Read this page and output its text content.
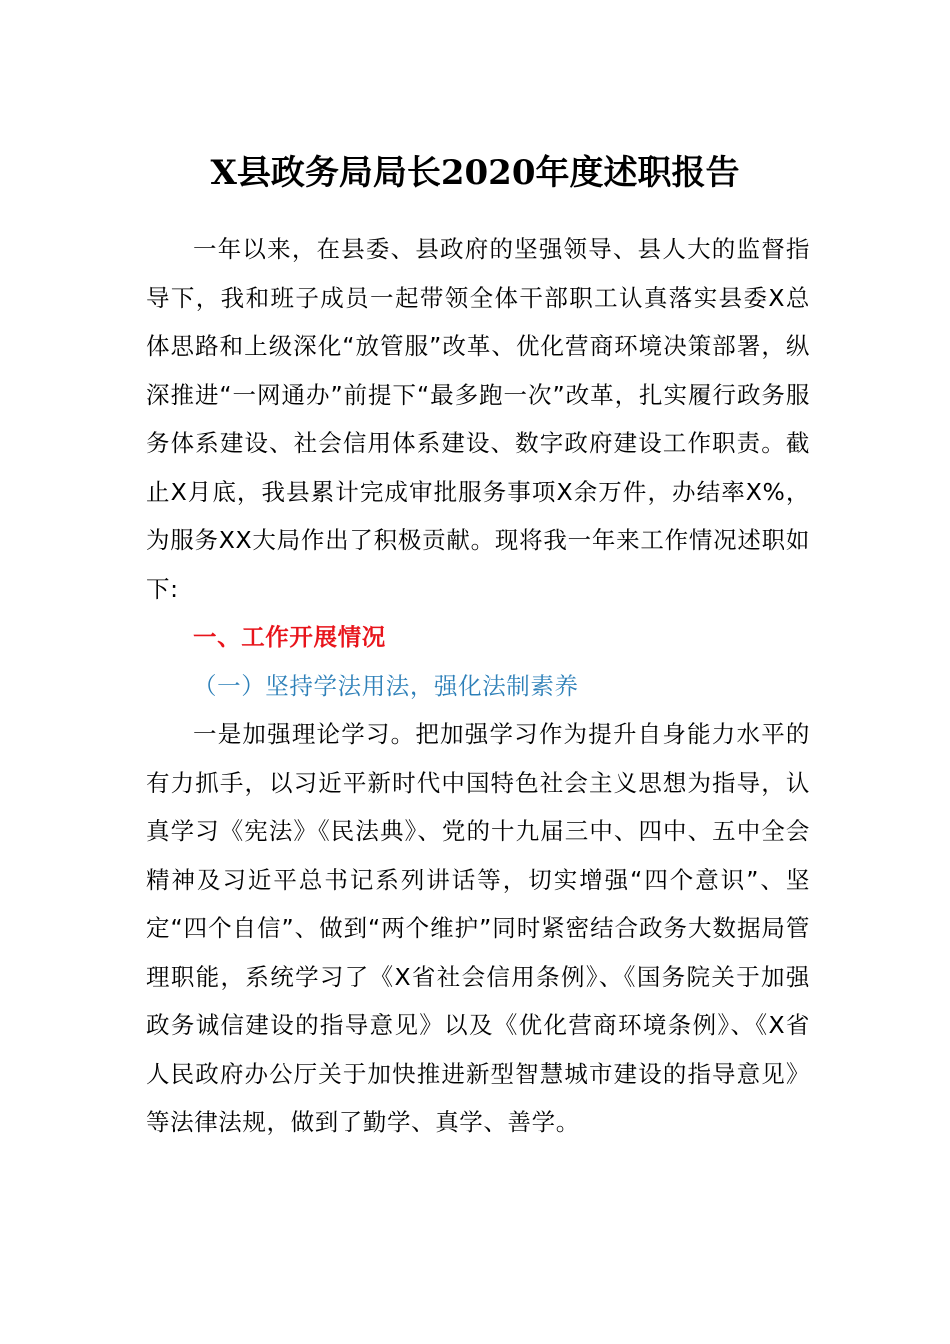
X县政务局局长2020年度述职报告

一年以来，在县委、县政府的坚强领导、县人大的监督指导下，我和班子成员一起带领全体干部职工认真落实县委X总体思路和上级深化“放管服”改革、优化营商环境决策部署，纵深推进“一网通办”前提下“最多跑一次”改革，扎实履行政务服务体系建设、社会信用体系建设、数字政府建设工作职责。截止X月底，我县累计完成审批服务事项X余万件，办结率X%，为服务XX大局作出了积极贡献。现将我一年来工作情况述职如下:

一、工作开展情况

（一）坚持学法用法，强化法制素养

一是加强理论学习。把加强学习作为提升自身能力水平的有力抓手，以习近平新时代中国特色社会主义思想为指导，认真学习《宪法》《民法典》、党的十九届三中、四中、五中全会精神及习近平总书记系列讲话等，切实增强“四个意识”、坚定“四个自信”、做到“两个维护”同时紧密结合政务大数据局管理职能，系统学习了《X省社会信用条例》、《国务院关于加强政务诚信建设的指导意见》以及《优化营商环境条例》、《X省人民政府办公厅关于加快推进新型智慧城市建设的指导意见》等法律法规，做到了勤学、真学、善学。
